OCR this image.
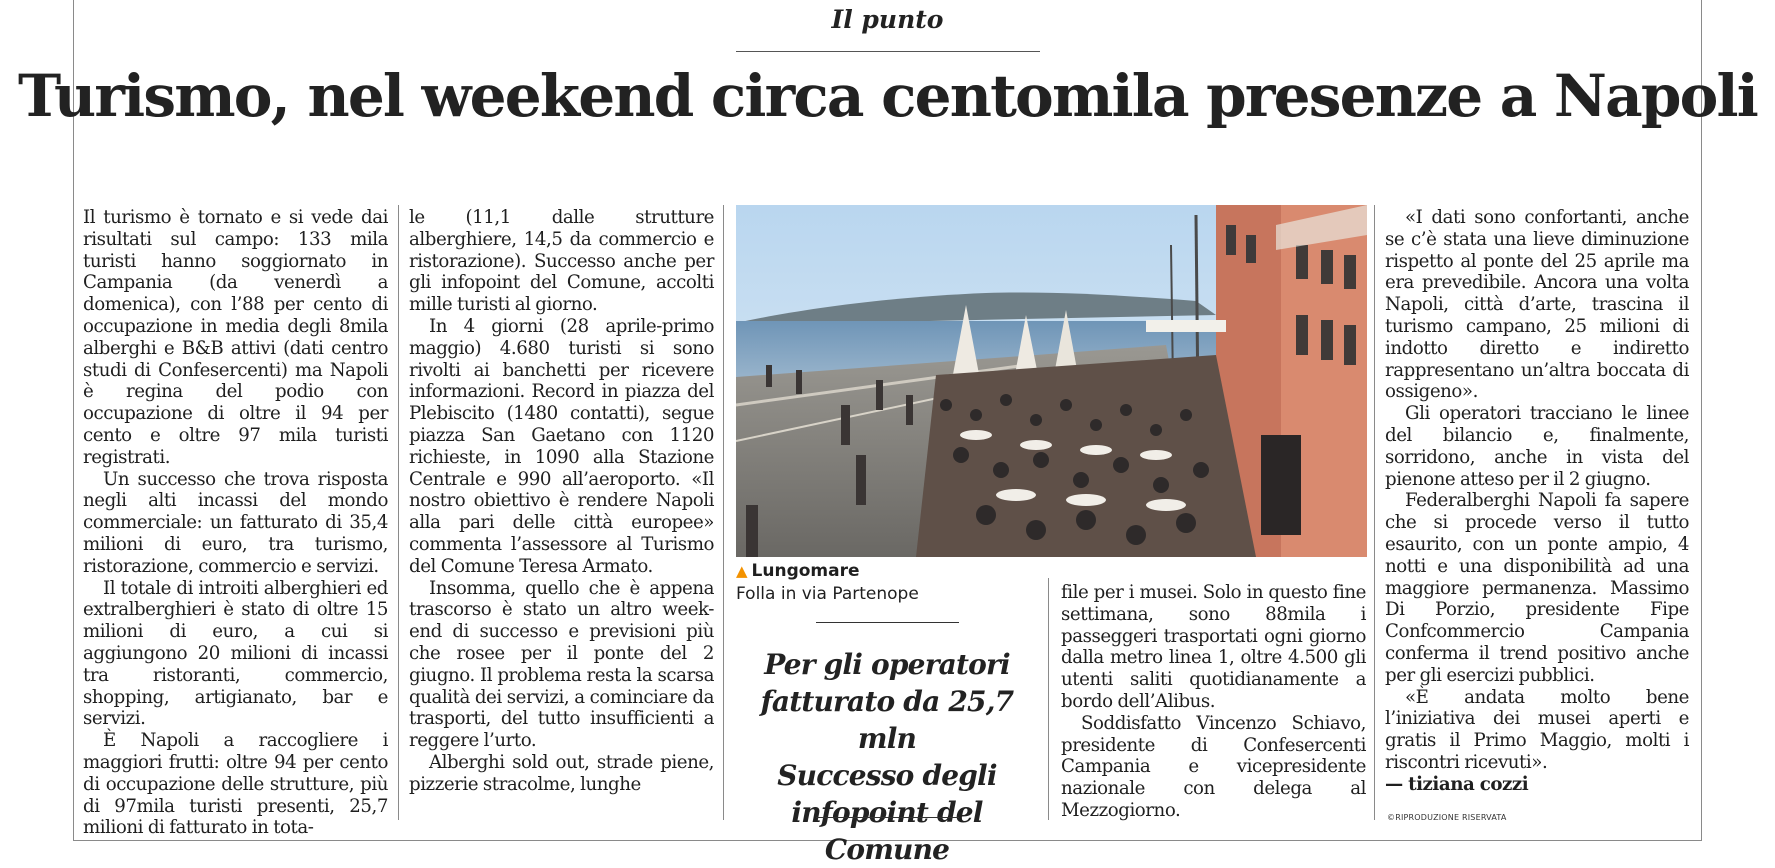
Il punto
Turismo, nel weekend circa centomila presenze a Napoli

Il turismo è tornato e si vede dai risultati sul campo: 133 mila turisti hanno soggiornato in Campania (da venerdì a domenica), con l’88 per cento di occupazione in media degli 8mila alberghi e B&B attivi (dati centro studi di Confesercenti) ma Napoli è regina del podio con occupazione di oltre il 94 per cento e oltre 97 mila turisti registrati.

Un successo che trova risposta negli alti incassi del mondo commerciale: un fatturato di 35,4 milioni di euro, tra turismo, ristorazione, commercio e servizi.

Il totale di introiti alberghieri ed extralberghieri è stato di oltre 15 milioni di euro, a cui si aggiungono 20 milioni di incassi tra ristoranti, commercio, shopping, artigianato, bar e servizi.

È Napoli a raccogliere i maggiori frutti: oltre 94 per cento di occupazione delle strutture, più di 97mila turisti presenti, 25,7 milioni di fatturato in tota-

le (11,1 dalle strutture alberghiere, 14,5 da commercio e ristorazione). Successo anche per gli infopoint del Comune, accolti mille turisti al giorno.

In 4 giorni (28 aprile-primo maggio) 4.680 turisti si sono rivolti ai banchetti per ricevere informazioni. Record in piazza del Plebiscito (1480 contatti), segue piazza San Gaetano con 1120 richieste, in 1090 alla Stazione Centrale e 990 all’aeroporto. «Il nostro obiettivo è rendere Napoli alla pari delle città europee» commenta l’assessore al Turismo del Comune Teresa Armato.

Insomma, quello che è appena trascorso è stato un altro week-end di successo e previsioni più che rosee per il ponte del 2 giugno. Il problema resta la scarsa qualità dei servizi, a cominciare da trasporti, del tutto insufficienti a reggere l’urto.

Alberghi sold out, strade piene, pizzerie stracolme, lunghe

▲ Lungomare
Folla in via Partenope
Per gli operatori
fatturato da 25,7 mln
Successo degli
infopoint del Comune

file per i musei. Solo in questo fine settimana, sono 88mila i passeggeri trasportati ogni giorno dalla metro linea 1, oltre 4.500 gli utenti saliti quotidianamente a bordo dell’Alibus.

Soddisfatto Vincenzo Schiavo, presidente di Confesercenti Campania e vicepresidente nazionale con delega al Mezzogiorno.

«I dati sono confortanti, anche se c’è stata una lieve diminuzione rispetto al ponte del 25 aprile ma era prevedibile. Ancora una volta Napoli, città d’arte, trascina il turismo campano, 25 milioni di indotto diretto e indiretto rappresentano un’altra boccata di ossigeno».

Gli operatori tracciano le linee del bilancio e, finalmente, sorridono, anche in vista del pienone atteso per il 2 giugno.

Federalberghi Napoli fa sapere che si procede verso il tutto esaurito, con un ponte ampio, 4 notti e una disponibilità ad una maggiore permanenza. Massimo Di Porzio, presidente Fipe Confcommercio Campania conferma il trend positivo anche per gli esercizi pubblici.

«È andata molto bene l’iniziativa dei musei aperti e gratis il Primo Maggio, molti i riscontri ricevuti».

— tiziana cozzi

©RIPRODUZIONE RISERVATA
